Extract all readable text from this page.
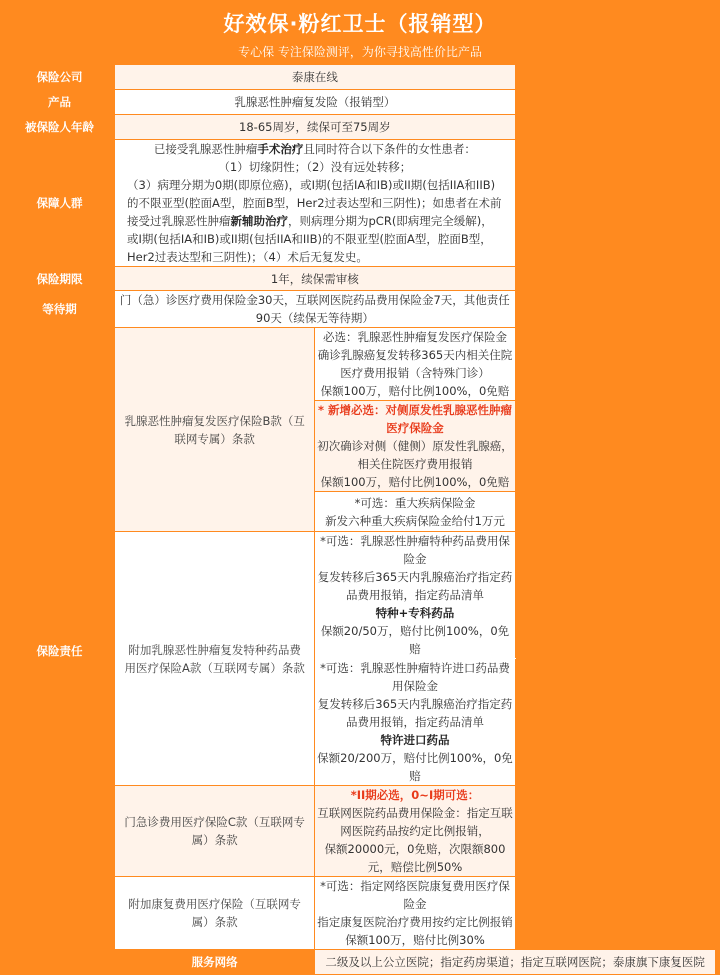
好效保·粉红卫士（报销型）
专心保 专注保险测评，为你寻找高性价比产品
保险公司	泰康在线	
产品	乳腺恶性肿瘤复发险（报销型）	
被保险人年龄	18-65周岁，续保可至75周岁	
保障人群	已接受乳腺恶性肿瘤手术治疗且同时符合以下条件的女性患者：
（1）切缘阴性；（2）没有远处转移；
（3）病理分期为0期(即原位癌)，或I期(包括IA和IB)或II期(包括IIA和IIB)的不限亚型(腔面A型，腔面B型，Her2过表达型和三阴性)；如患者在术前接受过乳腺恶性肿瘤新辅助治疗，则病理分期为pCR(即病理完全缓解)，或I期(包括IA和IB)或II期(包括IIA和IIB)的不限亚型(腔面A型，腔面B型，Her2过表达型和三阴性)；（4）术后无复发史。	

保险期限	1年，续保需审核	
等待期	门（急）诊医疗费用保险金30天，互联网医院药品费用保险金7天，其他责任90天（续保无等待期）	
保险责任	乳腺恶性肿瘤复发医疗保险B款（互联网专属）条款	必选：乳腺恶性肿瘤复发医疗保险金
确诊乳腺癌复发转移365天内相关住院医疗费用报销（含特殊门诊）
保额100万，赔付比例100%，0免赔

		* 新增必选：对侧原发性乳腺恶性肿瘤医疗保险金
初次确诊对侧（健侧）原发性乳腺癌，相关住院医疗费用报销
保额100万，赔付比例100%，0免赔

		*可选：重大疾病保险金
新发六种重大疾病保险金给付1万元

	附加乳腺恶性肿瘤复发特种药品费用医疗保险A款（互联网专属）条款	*可选：乳腺恶性肿瘤特种药品费用保险金
复发转移后365天内乳腺癌治疗指定药品费用报销，指定药品清单
特种+专科药品
保额20/50万，赔付比例100%，0免赔

		*可选：乳腺恶性肿瘤特许进口药品费用保险金
复发转移后365天内乳腺癌治疗指定药品费用报销，指定药品清单
特许进口药品
保额20/200万，赔付比例100%，0免赔

	门急诊费用医疗保险C款（互联网专属）条款	*II期必选，0~I期可选：
互联网医院药品费用保险金：指定互联网医院药品按约定比例报销，
保额20000元，0免赔，次限额800元，赔偿比例50%

	附加康复费用医疗保险（互联网专属）条款	*可选：指定网络医院康复费用医疗保险金
指定康复医院治疗费用按约定比例报销
保额100万，赔付比例30%

	服务网络	二级及以上公立医院；指定药房渠道；指定互联网医院；泰康旗下康复医院
